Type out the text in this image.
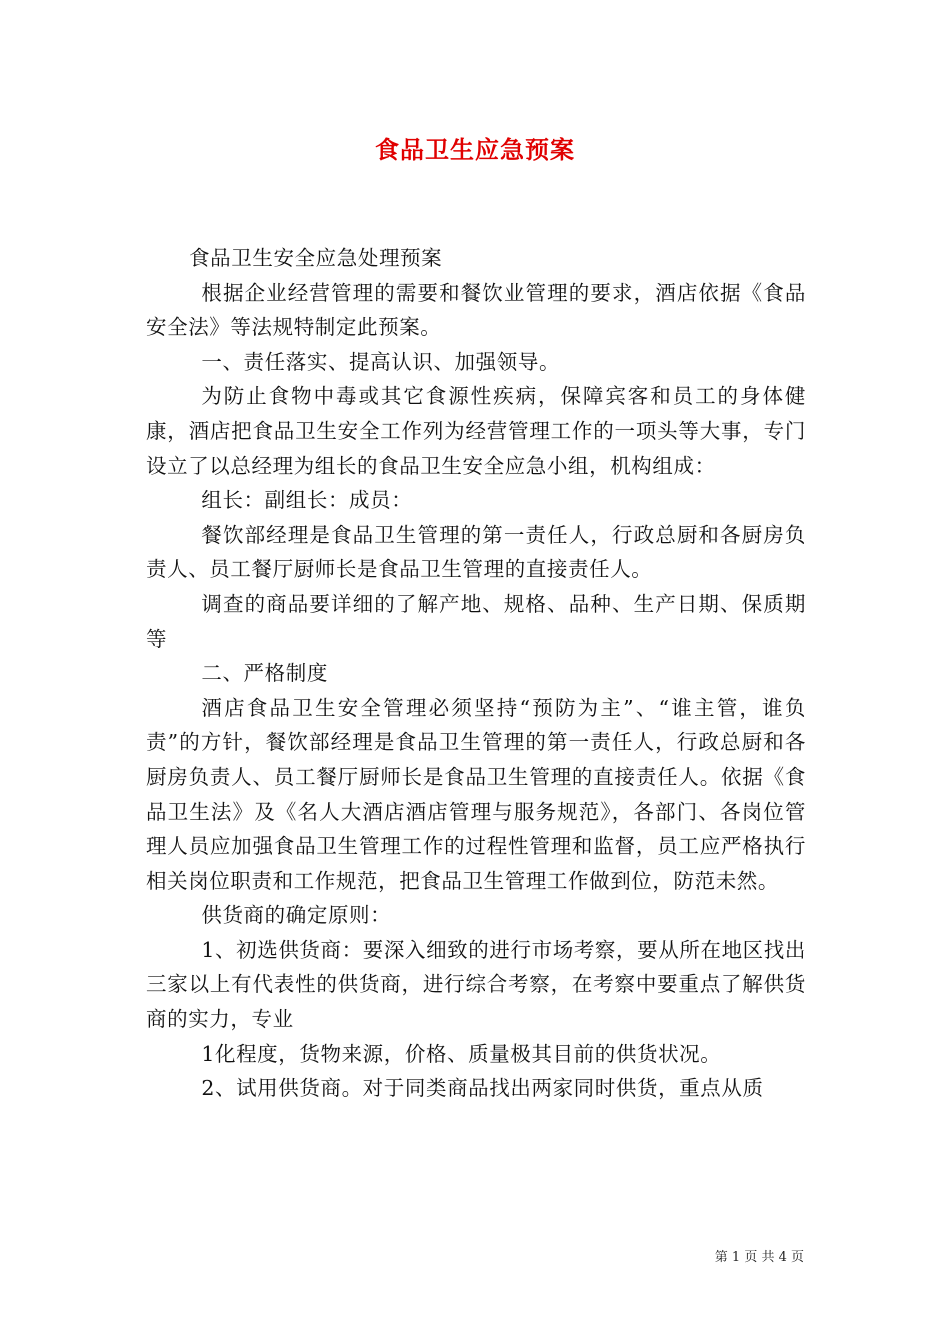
食品卫生应急预案

食品卫生安全应急处理预案

根据企业经营管理的需要和餐饮业管理的要求，酒店依据《食品安全法》等法规特制定此预案。

一、责任落实、提高认识、加强领导。

为防止食物中毒或其它食源性疾病，保障宾客和员工的身体健康，酒店把食品卫生安全工作列为经营管理工作的一项头等大事，专门设立了以总经理为组长的食品卫生安全应急小组，机构组成：

组长：副组长：成员：

餐饮部经理是食品卫生管理的第一责任人，行政总厨和各厨房负责人、员工餐厅厨师长是食品卫生管理的直接责任人。

调查的商品要详细的了解产地、规格、品种、生产日期、保质期等

二、严格制度

酒店食品卫生安全管理必须坚持“预防为主”、“谁主管，谁负责”的方针，餐饮部经理是食品卫生管理的第一责任人，行政总厨和各厨房负责人、员工餐厅厨师长是食品卫生管理的直接责任人。依据《食品卫生法》及《名人大酒店酒店管理与服务规范》，各部门、各岗位管理人员应加强食品卫生管理工作的过程性管理和监督，员工应严格执行相关岗位职责和工作规范，把食品卫生管理工作做到位，防范未然。

供货商的确定原则：

1、初选供货商：要深入细致的进行市场考察，要从所在地区找出三家以上有代表性的供货商，进行综合考察，在考察中要重点了解供货商的实力，专业

1化程度，货物来源，价格、质量极其目前的供货状况。

2、试用供货商。对于同类商品找出两家同时供货，重点从质

第 1 页 共 4 页
